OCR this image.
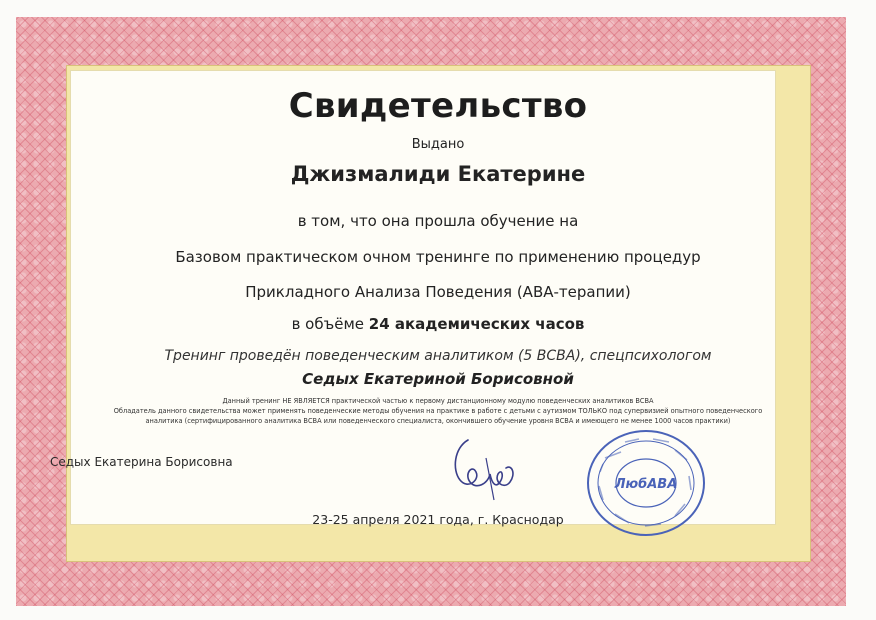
Свидетельство
Выдано
Джизмалиди Екатерине
в том, что она прошла обучение на
Базовом практическом очном тренинге по применению процедур
Прикладного Анализа Поведения (АВА-терапии)
в объёме 24 академических часов
Тренинг проведён поведенческим аналитиком (5 ВСВА), спецпсихологом
Седых Екатериной Борисовной
Данный тренинг НЕ ЯВЛЯЕТСЯ практической частью к первому дистанционному модулю поведенческих аналитиков ВСВА
Обладатель данного свидетельства может применять поведенческие методы обучения на практике в работе с детьми с аутизмом ТОЛЬКО под супервизией опытного поведенческого
аналитика (сертифицированного аналитика ВСВА или поведенческого специалиста, окончившего обучение уровня ВСВА и имеющего не менее 1000 часов практики)
Седых Екатерина Борисовна
ЛюбАВА
23-25 апреля 2021 года, г. Краснодар
